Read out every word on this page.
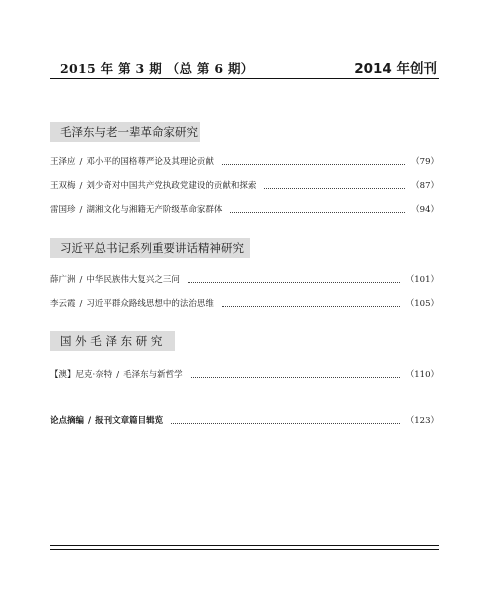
2015 年 第 3 期 （总 第 6 期）	2014 年创刊
毛泽东与老一辈革命家研究
王泽应 / 邓小平的国格尊严论及其理论贡献	（79）
王双梅 / 刘少奇对中国共产党执政党建设的贡献和探索	（87）
雷国珍 / 湖湘文化与湘籍无产阶级革命家群体	（94）
习近平总书记系列重要讲话精神研究
薛广洲 / 中华民族伟大复兴之三问	（101）
李云霞 / 习近平群众路线思想中的法治思维	（105）
国 外 毛 泽 东 研 究
【澳】尼克·奈特 / 毛泽东与新哲学	（110）
论点摘编 / 报刊文章篇目辑览	（123）
